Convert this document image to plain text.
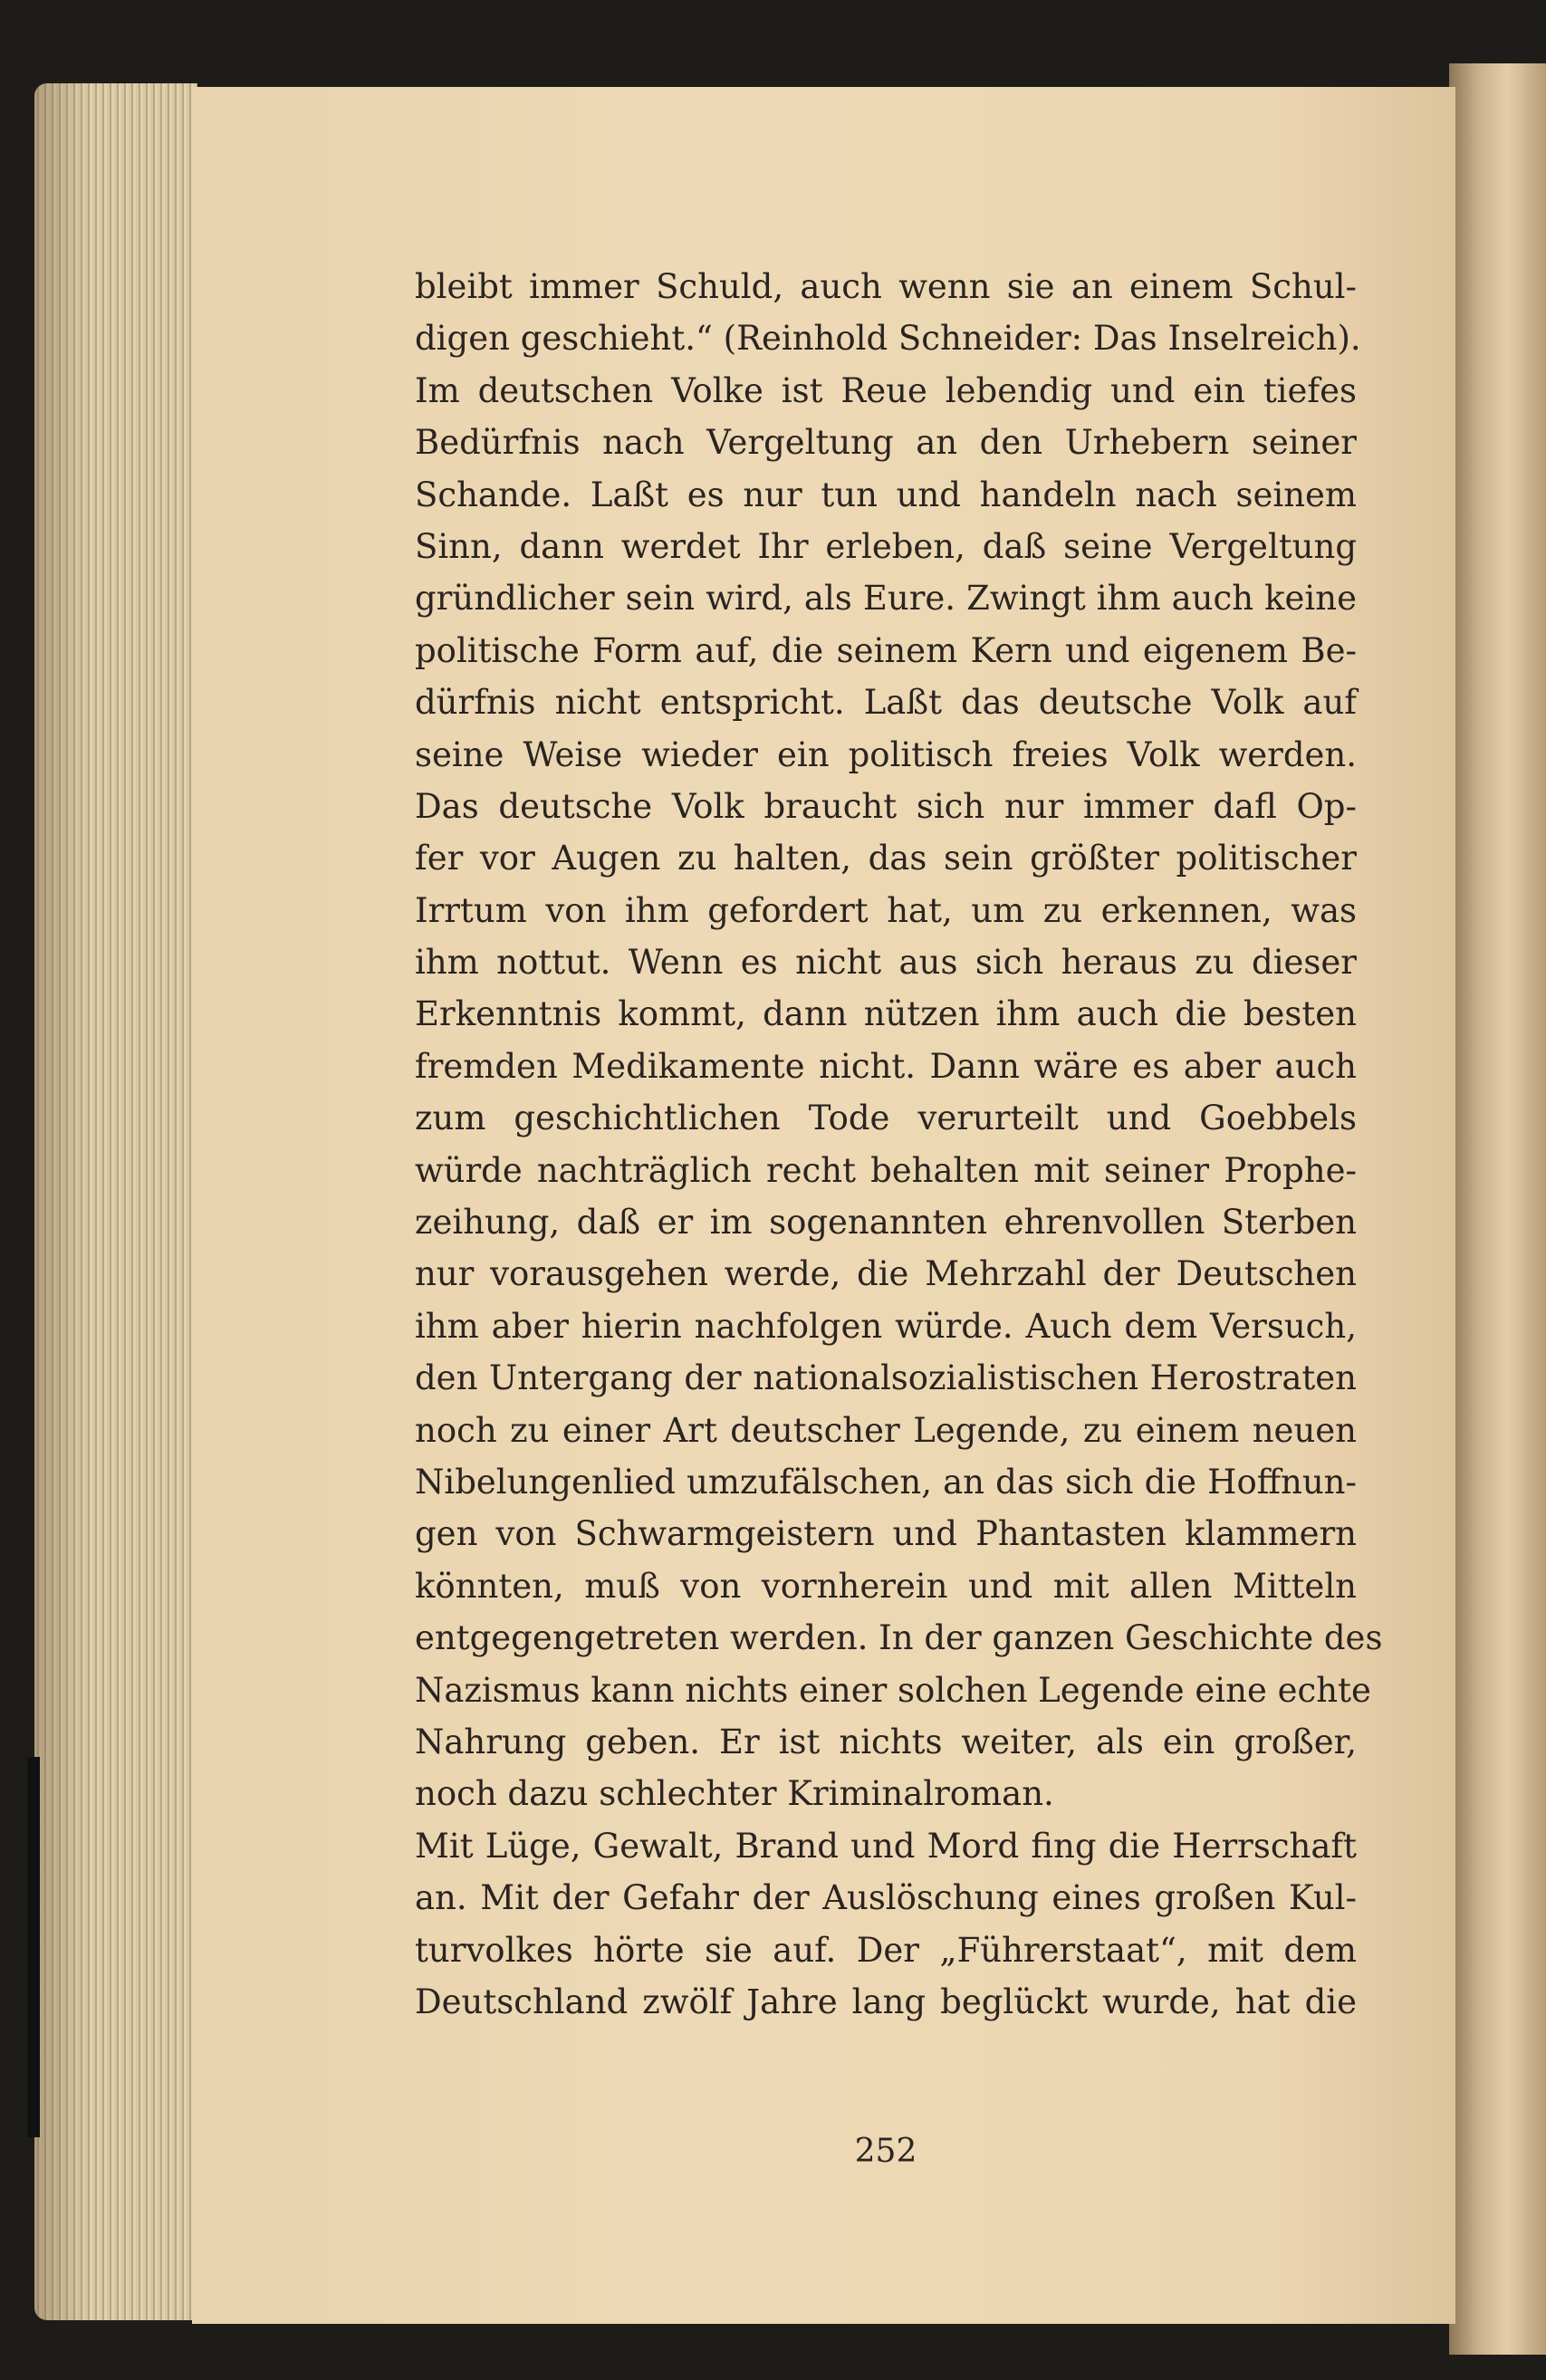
bleibt immer Schuld, auch wenn sie an einem Schul-
digen geschieht.“ (Reinhold Schneider: Das Inselreich).
Im deutschen Volke ist Reue lebendig und ein tiefes
Bedürfnis nach Vergeltung an den Urhebern seiner
Schande. Laßt es nur tun und handeln nach seinem
Sinn, dann werdet Ihr erleben, daß seine Vergeltung
gründlicher sein wird, als Eure. Zwingt ihm auch keine
politische Form auf, die seinem Kern und eigenem Be-
dürfnis nicht entspricht. Laßt das deutsche Volk auf
seine Weise wieder ein politisch freies Volk werden.
Das deutsche Volk braucht sich nur immer dafl Op-
fer vor Augen zu halten, das sein größter politischer
Irrtum von ihm gefordert hat, um zu erkennen, was
ihm nottut. Wenn es nicht aus sich heraus zu dieser
Erkenntnis kommt, dann nützen ihm auch die besten
fremden Medikamente nicht. Dann wäre es aber auch
zum geschichtlichen Tode verurteilt und Goebbels
würde nachträglich recht behalten mit seiner Prophe-
zeihung, daß er im sogenannten ehrenvollen Sterben
nur vorausgehen werde, die Mehrzahl der Deutschen
ihm aber hierin nachfolgen würde. Auch dem Versuch,
den Untergang der nationalsozialistischen Herostraten
noch zu einer Art deutscher Legende, zu einem neuen
Nibelungenlied umzufälschen, an das sich die Hoffnun-
gen von Schwarmgeistern und Phantasten klammern
könnten, muß von vornherein und mit allen Mitteln
entgegengetreten werden. In der ganzen Geschichte des
Nazismus kann nichts einer solchen Legende eine echte
Nahrung geben. Er ist nichts weiter, als ein großer,
noch dazu schlechter Kriminalroman.
Mit Lüge, Gewalt, Brand und Mord fing die Herrschaft
an. Mit der Gefahr der Auslöschung eines großen Kul-
turvolkes hörte sie auf. Der „Führerstaat“, mit dem
Deutschland zwölf Jahre lang beglückt wurde, hat die
252
